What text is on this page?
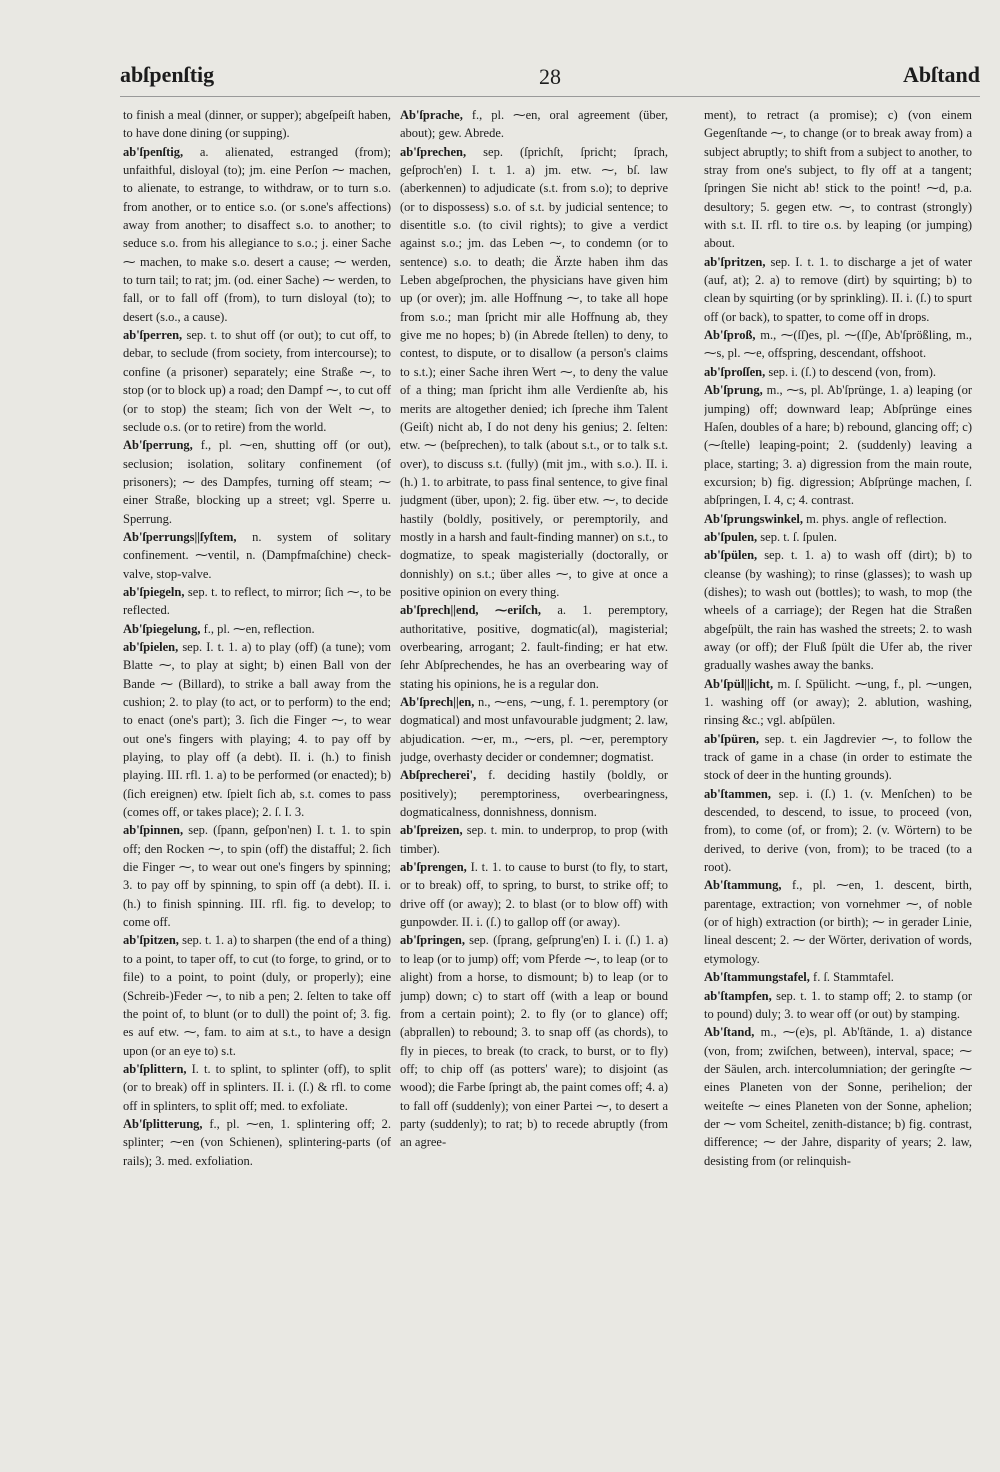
abſpenſtig	28	Abſtand

to finish a meal (dinner, or supper); abgeſpeiſt haben, to have done dining (or supping).

ab'ſpenſtig, a. alienated, estranged (from); unfaithful, disloyal (to); jm. eine Perſon ⁓ machen, to alienate, to estrange, to withdraw, or to turn s.o. from another, or to entice s.o. (or s.one's affections) away from another; to disaffect s.o. to another; to seduce s.o. from his allegiance to s.o.; j. einer Sache ⁓ machen, to make s.o. desert a cause; ⁓ werden, to turn tail; to rat; jm. (od. einer Sache) ⁓ werden, to fall, or to fall off (from), to turn disloyal (to); to desert (s.o., a cause).

ab'ſperren, sep. t. to shut off (or out); to cut off, to debar, to seclude (from society, from intercourse); to confine (a prisoner) separately; eine Straße ⁓, to stop (or to block up) a road; den Dampf ⁓, to cut off (or to stop) the steam; ſich von der Welt ⁓, to seclude o.s. (or to retire) from the world.

Ab'ſperrung, f., pl. ⁓en, shutting off (or out), seclusion; isolation, solitary confinement (of prisoners); ⁓ des Dampfes, turning off steam; ⁓ einer Straße, blocking up a street; vgl. Sperre u. Sperrung.

Ab'ſperrungs||ſyſtem, n. system of solitary confinement. ⁓ventil, n. (Dampfmaſchine) check-valve, stop-valve.

ab'ſpiegeln, sep. t. to reflect, to mirror; ſich ⁓, to be reflected.

Ab'ſpiegelung, f., pl. ⁓en, reflection.

ab'ſpielen, sep. I. t. 1. a) to play (off) (a tune); vom Blatte ⁓, to play at sight; b) einen Ball von der Bande ⁓ (Billard), to strike a ball away from the cushion; 2. to play (to act, or to perform) to the end; to enact (one's part); 3. ſich die Finger ⁓, to wear out one's fingers with playing; 4. to pay off by playing, to play off (a debt). II. i. (h.) to finish playing. III. rfl. 1. a) to be performed (or enacted); b) (ſich ereignen) etw. ſpielt ſich ab, s.t. comes to pass (comes off, or takes place); 2. ſ. I. 3.

ab'ſpinnen, sep. (ſpann, geſpon'nen) I. t. 1. to spin off; den Rocken ⁓, to spin (off) the distafful; 2. ſich die Finger ⁓, to wear out one's fingers by spinning; 3. to pay off by spinning, to spin off (a debt). II. i. (h.) to finish spinning. III. rfl. fig. to develop; to come off.

ab'ſpitzen, sep. t. 1. a) to sharpen (the end of a thing) to a point, to taper off, to cut (to forge, to grind, or to file) to a point, to point (duly, or properly); eine (Schreib-)Feder ⁓, to nib a pen; 2. ſelten to take off the point of, to blunt (or to dull) the point of; 3. fig. es auf etw. ⁓, fam. to aim at s.t., to have a design upon (or an eye to) s.t.

ab'ſplittern, I. t. to splint, to splinter (off), to split (or to break) off in splinters. II. i. (ſ.) & rfl. to come off in splinters, to split off; med. to exfoliate.

Ab'ſplitterung, f., pl. ⁓en, 1. splintering off; 2. splinter; ⁓en (von Schienen), splintering-parts (of rails); 3. med. exfoliation.

Ab'ſprache, f., pl. ⁓en, oral agreement (über, about); gew. Abrede.

ab'ſprechen, sep. (ſprichſt, ſpricht; ſprach, geſproch'en) I. t. 1. a) jm. etw. ⁓, bſ. law (aberkennen) to adjudicate (s.t. from s.o); to deprive (or to dispossess) s.o. of s.t. by judicial sentence; to disentitle s.o. (to civil rights); to give a verdict against s.o.; jm. das Leben ⁓, to condemn (or to sentence) s.o. to death; die Ärzte haben ihm das Leben abgeſprochen, the physicians have given him up (or over); jm. alle Hoffnung ⁓, to take all hope from s.o.; man ſpricht mir alle Hoffnung ab, they give me no hopes; b) (in Abrede ſtellen) to deny, to contest, to dispute, or to disallow (a person's claims to s.t.); einer Sache ihren Wert ⁓, to deny the value of a thing; man ſpricht ihm alle Verdienſte ab, his merits are altogether denied; ich ſpreche ihm Talent (Geiſt) nicht ab, I do not deny his genius; 2. ſelten: etw. ⁓ (beſprechen), to talk (about s.t., or to talk s.t. over), to discuss s.t. (fully) (mit jm., with s.o.). II. i. (h.) 1. to arbitrate, to pass final sentence, to give final judgment (über, upon); 2. fig. über etw. ⁓, to decide hastily (boldly, positively, or peremptorily, and mostly in a harsh and fault-finding manner) on s.t., to dogmatize, to speak magisterially (doctorally, or donnishly) on s.t.; über alles ⁓, to give at once a positive opinion on every thing.

ab'ſprech||end, ⁓eriſch, a. 1. peremptory, authoritative, positive, dogmatic(al), magisterial; overbearing, arrogant; 2. fault-finding; er hat etw. ſehr Abſprechendes, he has an overbearing way of stating his opinions, he is a regular don.

Ab'ſprech||en, n., ⁓ens, ⁓ung, f. 1. peremptory (or dogmatical) and most unfavourable judgment; 2. law, abjudication. ⁓er, m., ⁓ers, pl. ⁓er, peremptory judge, overhasty decider or condemner; dogmatist.

Abſprecherei', f. deciding hastily (boldly, or positively); peremptoriness, overbearingness, dogmaticalness, donnishness, donnism.

ab'ſpreizen, sep. t. min. to underprop, to prop (with timber).

ab'ſprengen, I. t. 1. to cause to burst (to fly, to start, or to break) off, to spring, to burst, to strike off; to drive off (or away); 2. to blast (or to blow off) with gunpowder. II. i. (ſ.) to gallop off (or away).

ab'ſpringen, sep. (ſprang, geſprung'en) I. i. (ſ.) 1. a) to leap (or to jump) off; vom Pferde ⁓, to leap (or to alight) from a horse, to dismount; b) to leap (or to jump) down; c) to start off (with a leap or bound from a certain point); 2. to fly (or to glance) off; (abprallen) to rebound; 3. to snap off (as chords), to fly in pieces, to break (to crack, to burst, or to fly) off; to chip off (as potters' ware); to disjoint (as wood); die Farbe ſpringt ab, the paint comes off; 4. a) to fall off (suddenly); von einer Partei ⁓, to desert a party (suddenly); to rat; b) to recede abruptly (from an agree-

ment), to retract (a promise); c) (von einem Gegenſtande ⁓, to change (or to break away from) a subject abruptly; to shift from a subject to another, to stray from one's subject, to fly off at a tangent; ſpringen Sie nicht ab! stick to the point! ⁓d, p.a. desultory; 5. gegen etw. ⁓, to contrast (strongly) with s.t. II. rfl. to tire o.s. by leaping (or jumping) about.

ab'ſpritzen, sep. I. t. 1. to discharge a jet of water (auf, at); 2. a) to remove (dirt) by squirting; b) to clean by squirting (or by sprinkling). II. i. (ſ.) to spurt off (or back), to spatter, to come off in drops.

Ab'ſproß, m., ⁓(ſſ)es, pl. ⁓(ſſ)e, Ab'ſprößling, m., ⁓s, pl. ⁓e, offspring, descendant, offshoot.

ab'ſproſſen, sep. i. (ſ.) to descend (von, from).

Ab'ſprung, m., ⁓s, pl. Ab'ſprünge, 1. a) leaping (or jumping) off; downward leap; Abſprünge eines Haſen, doubles of a hare; b) rebound, glancing off; c) (⁓ſtelle) leaping-point; 2. (suddenly) leaving a place, starting; 3. a) digression from the main route, excursion; b) fig. digression; Abſprünge machen, ſ. abſpringen, I. 4, c; 4. contrast.

Ab'ſprungswinkel, m. phys. angle of reflection.

ab'ſpulen, sep. t. ſ. ſpulen.

ab'ſpülen, sep. t. 1. a) to wash off (dirt); b) to cleanse (by washing); to rinse (glasses); to wash up (dishes); to wash out (bottles); to wash, to mop (the wheels of a carriage); der Regen hat die Straßen abgeſpült, the rain has washed the streets; 2. to wash away (or off); der Fluß ſpült die Ufer ab, the river gradually washes away the banks.

Ab'ſpül||icht, m. ſ. Spülicht. ⁓ung, f., pl. ⁓ungen, 1. washing off (or away); 2. ablution, washing, rinsing &c.; vgl. abſpülen.

ab'ſpüren, sep. t. ein Jagdrevier ⁓, to follow the track of game in a chase (in order to estimate the stock of deer in the hunting grounds).

ab'ſtammen, sep. i. (ſ.) 1. (v. Menſchen) to be descended, to descend, to issue, to proceed (von, from), to come (of, or from); 2. (v. Wörtern) to be derived, to derive (von, from); to be traced (to a root).

Ab'ſtammung, f., pl. ⁓en, 1. descent, birth, parentage, extraction; von vornehmer ⁓, of noble (or of high) extraction (or birth); ⁓ in gerader Linie, lineal descent; 2. ⁓ der Wörter, derivation of words, etymology.

Ab'ſtammungstafel, f. ſ. Stammtafel.

ab'ſtampfen, sep. t. 1. to stamp off; 2. to stamp (or to pound) duly; 3. to wear off (or out) by stamping.

Ab'ſtand, m., ⁓(e)s, pl. Ab'ſtände, 1. a) distance (von, from; zwiſchen, between), interval, space; ⁓ der Säulen, arch. intercolumniation; der geringſte ⁓ eines Planeten von der Sonne, perihelion; der weiteſte ⁓ eines Planeten von der Sonne, aphelion; der ⁓ vom Scheitel, zenith-distance; b) fig. contrast, difference; ⁓ der Jahre, disparity of years; 2. law, desisting from (or relinquish-
